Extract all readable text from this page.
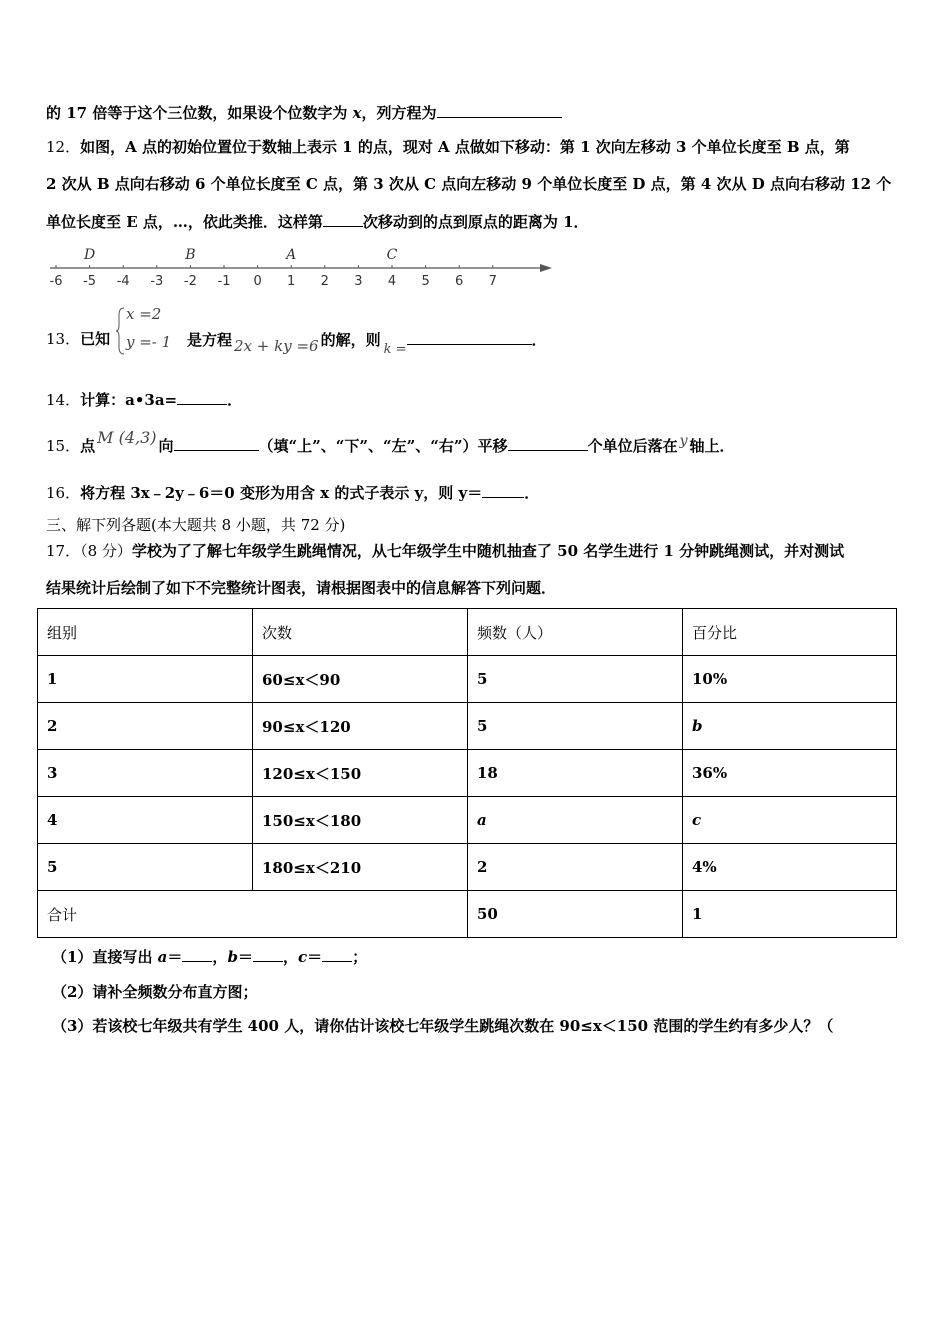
的 17 倍等于这个三位数，如果设个位数字为 x，列方程为
12．如图，A 点的初始位置位于数轴上表示 1 的点，现对 A 点做如下移动：第 1 次向左移动 3 个单位长度至 B 点，第
2 次从 B 点向右移动 6 个单位长度至 C 点，第 3 次从 C 点向左移动 9 个单位长度至 D 点，第 4 次从 D 点向右移动 12 个
单位长度至 E 点，…，依此类推．这样第	次移动到的点到原点的距离为 1．
-6 -5 -4 -3 -2 -1 0 1 2 3 4 5 6 7
D	B	A	C
13．已知
x =2
y =- 1 是方程 2x + ky =6 的解，则k =．
14．计算：a•3a=	．
15．点 M (4,3) 向	（填“上”、“下”、“左”、“右”）平移	个单位后落在 y 轴上．
16．将方程 3x﹣2y﹣6＝0 变形为用含 x 的式子表示 y，则 y＝	．
三、解下列各题(本大题共 8 小题，共 72 分)
17．（8 分）学校为了了解七年级学生跳绳情况，从七年级学生中随机抽查了 50 名学生进行 1 分钟跳绳测试，并对测试
结果统计后绘制了如下不完整统计图表，请根据图表中的信息解答下列问题．
组别	次数	频数（人）	百分比
1	60≤x＜90	5	10%
2	90≤x＜120	5	b
3	120≤x＜150	18	36%
4	150≤x＜180	a	c
5	180≤x＜210	2	4%
合计		50	1
（1）直接写出 a＝ ，b＝ ，c＝ ；
（2）请补全频数分布直方图；
（3）若该校七年级共有学生 400 人，请你估计该校七年级学生跳绳次数在 90≤x＜150 范围的学生约有多少人？（
